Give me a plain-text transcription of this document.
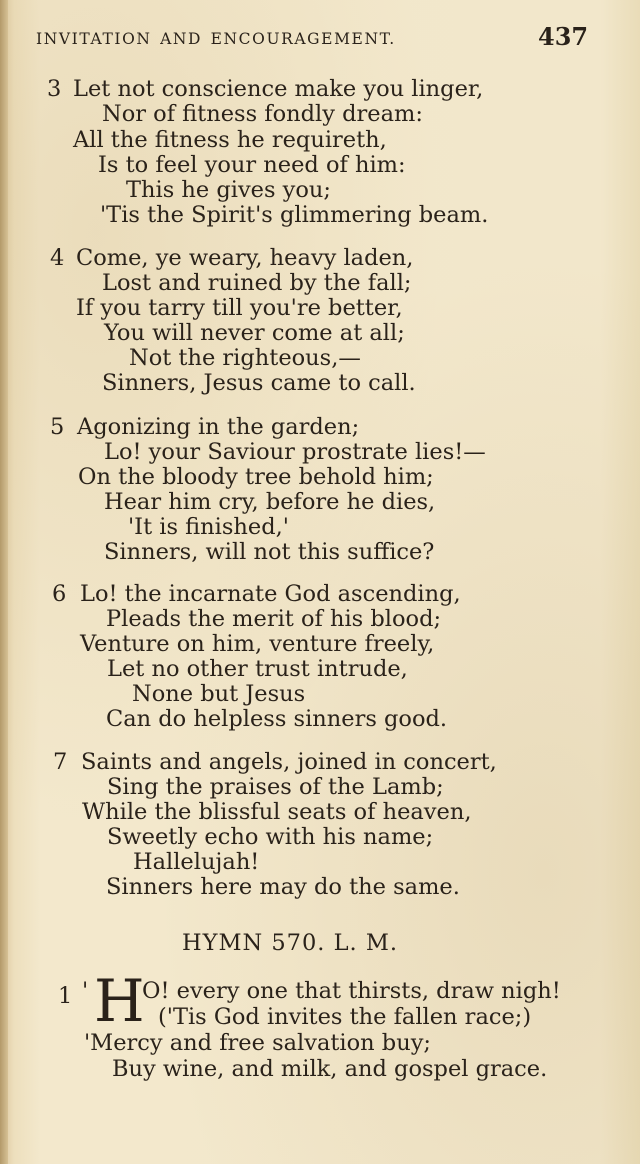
INVITATION AND ENCOURAGEMENT.	437
3 Let not conscience make you linger,
Nor of fitness fondly dream:
All the fitness he requireth,
Is to feel your need of him:
This he gives you;
'Tis the Spirit's glimmering beam.
4 Come, ye weary, heavy laden,
Lost and ruined by the fall;
If you tarry till you're better,
You will never come at all;
Not the righteous,—
Sinners, Jesus came to call.
5 Agonizing in the garden;
Lo! your Saviour prostrate lies!—
On the bloody tree behold him;
Hear him cry, before he dies,
'It is finished,'
Sinners, will not this suffice?
6 Lo! the incarnate God ascending,
Pleads the merit of his blood;
Venture on him, venture freely,
Let no other trust intrude,
None but Jesus
Can do helpless sinners good.
7 Saints and angels, joined in concert,
Sing the praises of the Lamb;
While the blissful seats of heaven,
Sweetly echo with his name;
Hallelujah!
Sinners here may do the same.
HYMN 570. L. M.
1 ' H
O! every one that thirsts, draw nigh!
('Tis God invites the fallen race;)
'Mercy and free salvation buy;
Buy wine, and milk, and gospel grace.
